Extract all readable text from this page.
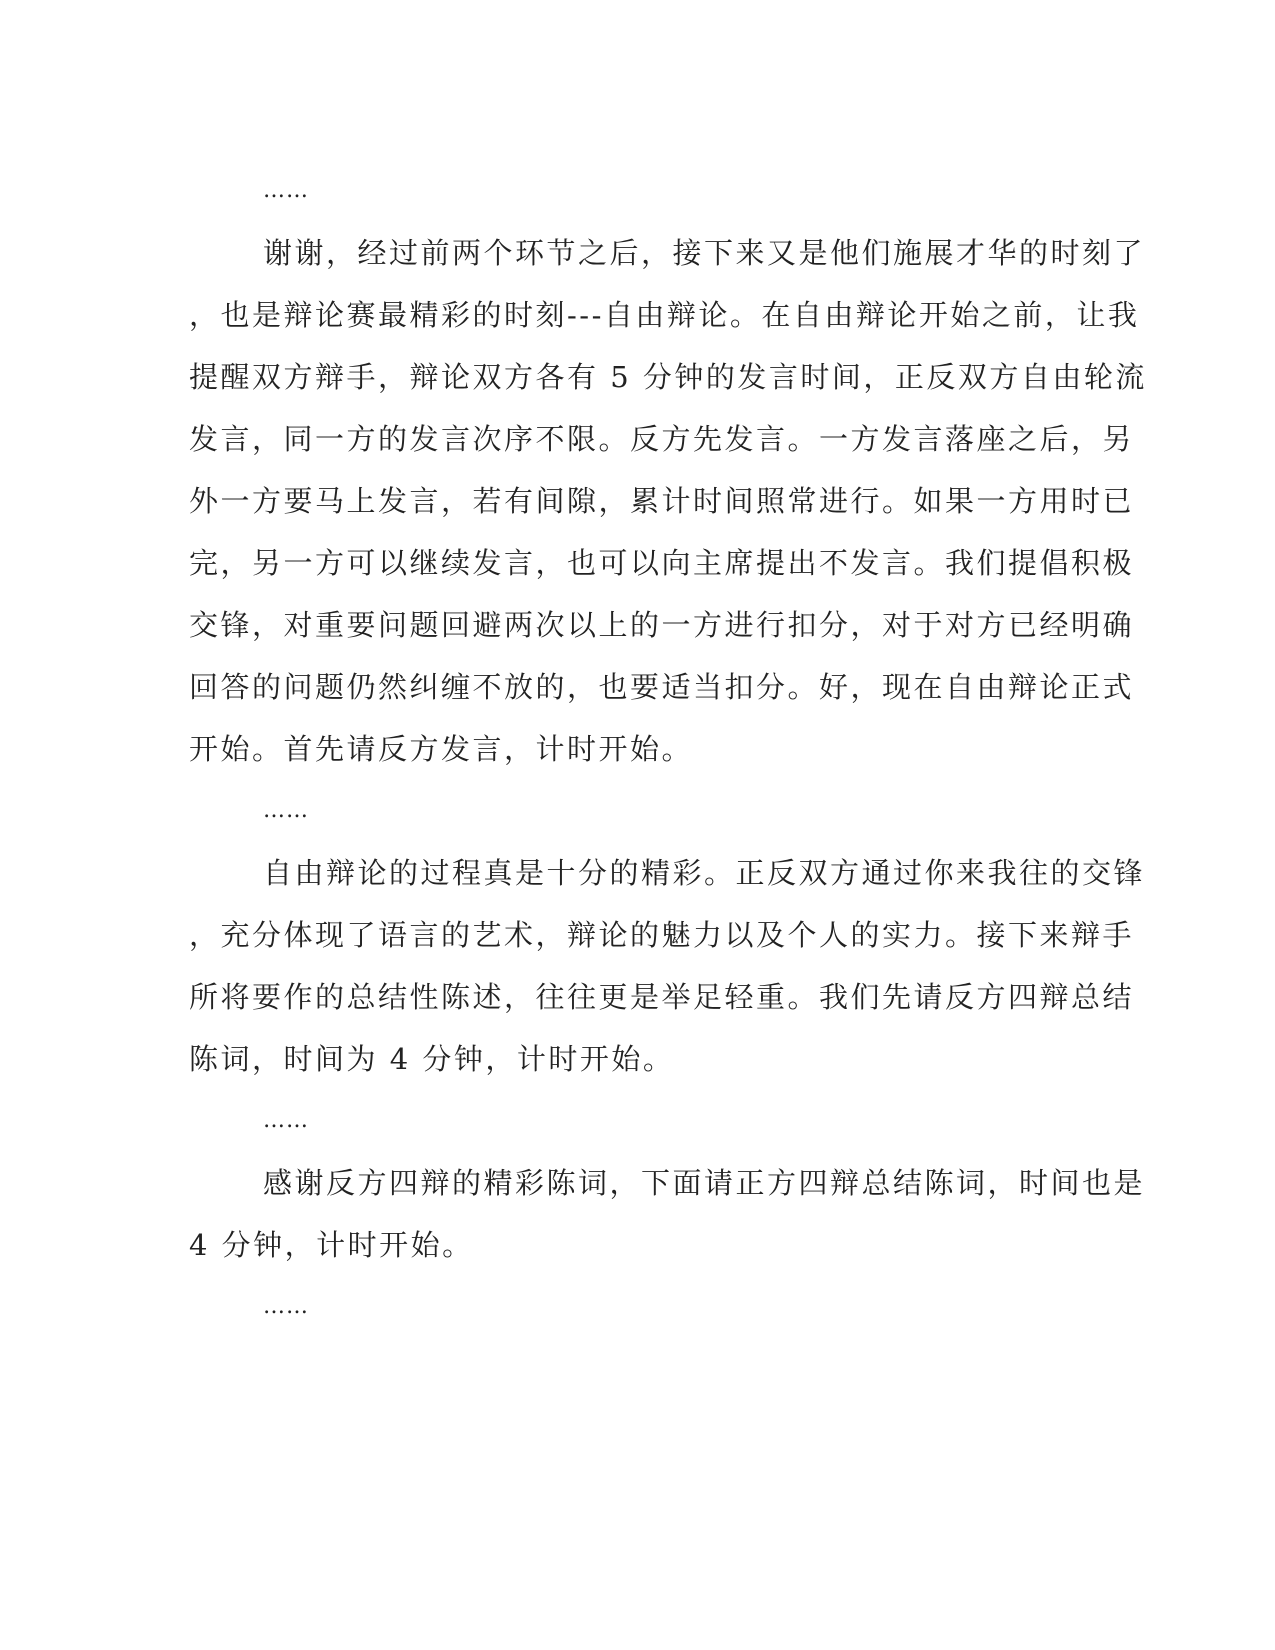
……
谢谢，经过前两个环节之后，接下来又是他们施展才华的时刻了
，也是辩论赛最精彩的时刻---自由辩论。在自由辩论开始之前，让我
提醒双方辩手，辩论双方各有 5 分钟的发言时间，正反双方自由轮流
发言，同一方的发言次序不限。反方先发言。一方发言落座之后，另
外一方要马上发言，若有间隙，累计时间照常进行。如果一方用时已
完，另一方可以继续发言，也可以向主席提出不发言。我们提倡积极
交锋，对重要问题回避两次以上的一方进行扣分，对于对方已经明确
回答的问题仍然纠缠不放的，也要适当扣分。好，现在自由辩论正式
开始。首先请反方发言，计时开始。
……
自由辩论的过程真是十分的精彩。正反双方通过你来我往的交锋
，充分体现了语言的艺术，辩论的魅力以及个人的实力。接下来辩手
所将要作的总结性陈述，往往更是举足轻重。我们先请反方四辩总结
陈词，时间为 4 分钟，计时开始。
……
感谢反方四辩的精彩陈词，下面请正方四辩总结陈词，时间也是
4 分钟，计时开始。
……
